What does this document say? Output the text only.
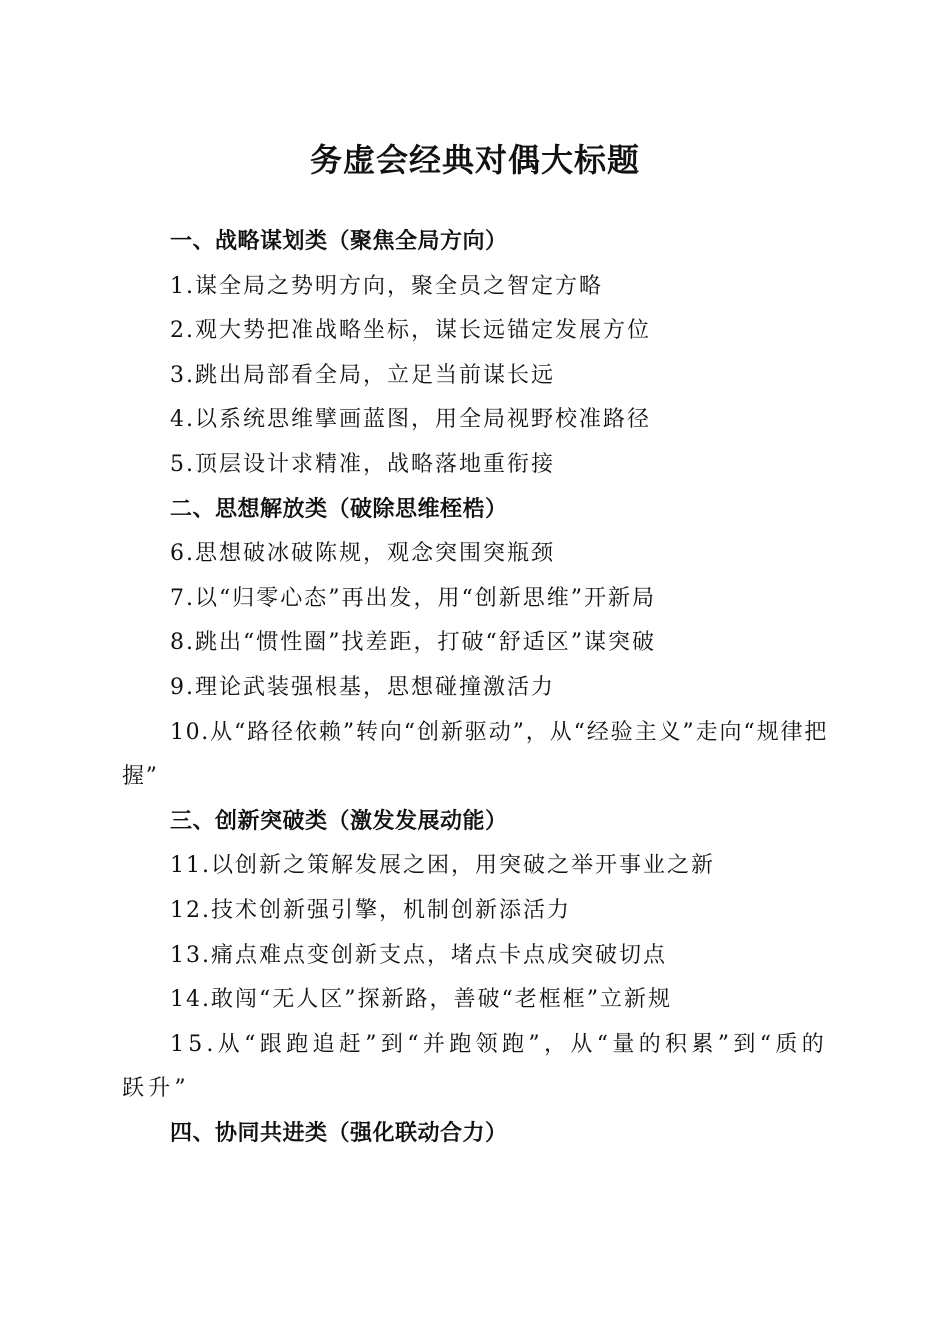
务虚会经典对偶大标题

一、战略谋划类（聚焦全局方向）

1.谋全局之势明方向，聚全员之智定方略

2.观大势把准战略坐标，谋长远锚定发展方位

3.跳出局部看全局，立足当前谋长远

4.以系统思维擘画蓝图，用全局视野校准路径

5.顶层设计求精准，战略落地重衔接

二、思想解放类（破除思维桎梏）

6.思想破冰破陈规，观念突围突瓶颈

7.以“归零心态”再出发，用“创新思维”开新局

8.跳出“惯性圈”找差距，打破“舒适区”谋突破

9.理论武装强根基，思想碰撞激活力

10.从“路径依赖”转向“创新驱动”，从“经验主义”走向“规律把握”

三、创新突破类（激发发展动能）

11.以创新之策解发展之困，用突破之举开事业之新

12.技术创新强引擎，机制创新添活力

13.痛点难点变创新支点，堵点卡点成突破切点

14.敢闯“无人区”探新路，善破“老框框”立新规

15.从“跟跑追赶”到“并跑领跑”，从“量的积累”到“质的跃升”

四、协同共进类（强化联动合力）
